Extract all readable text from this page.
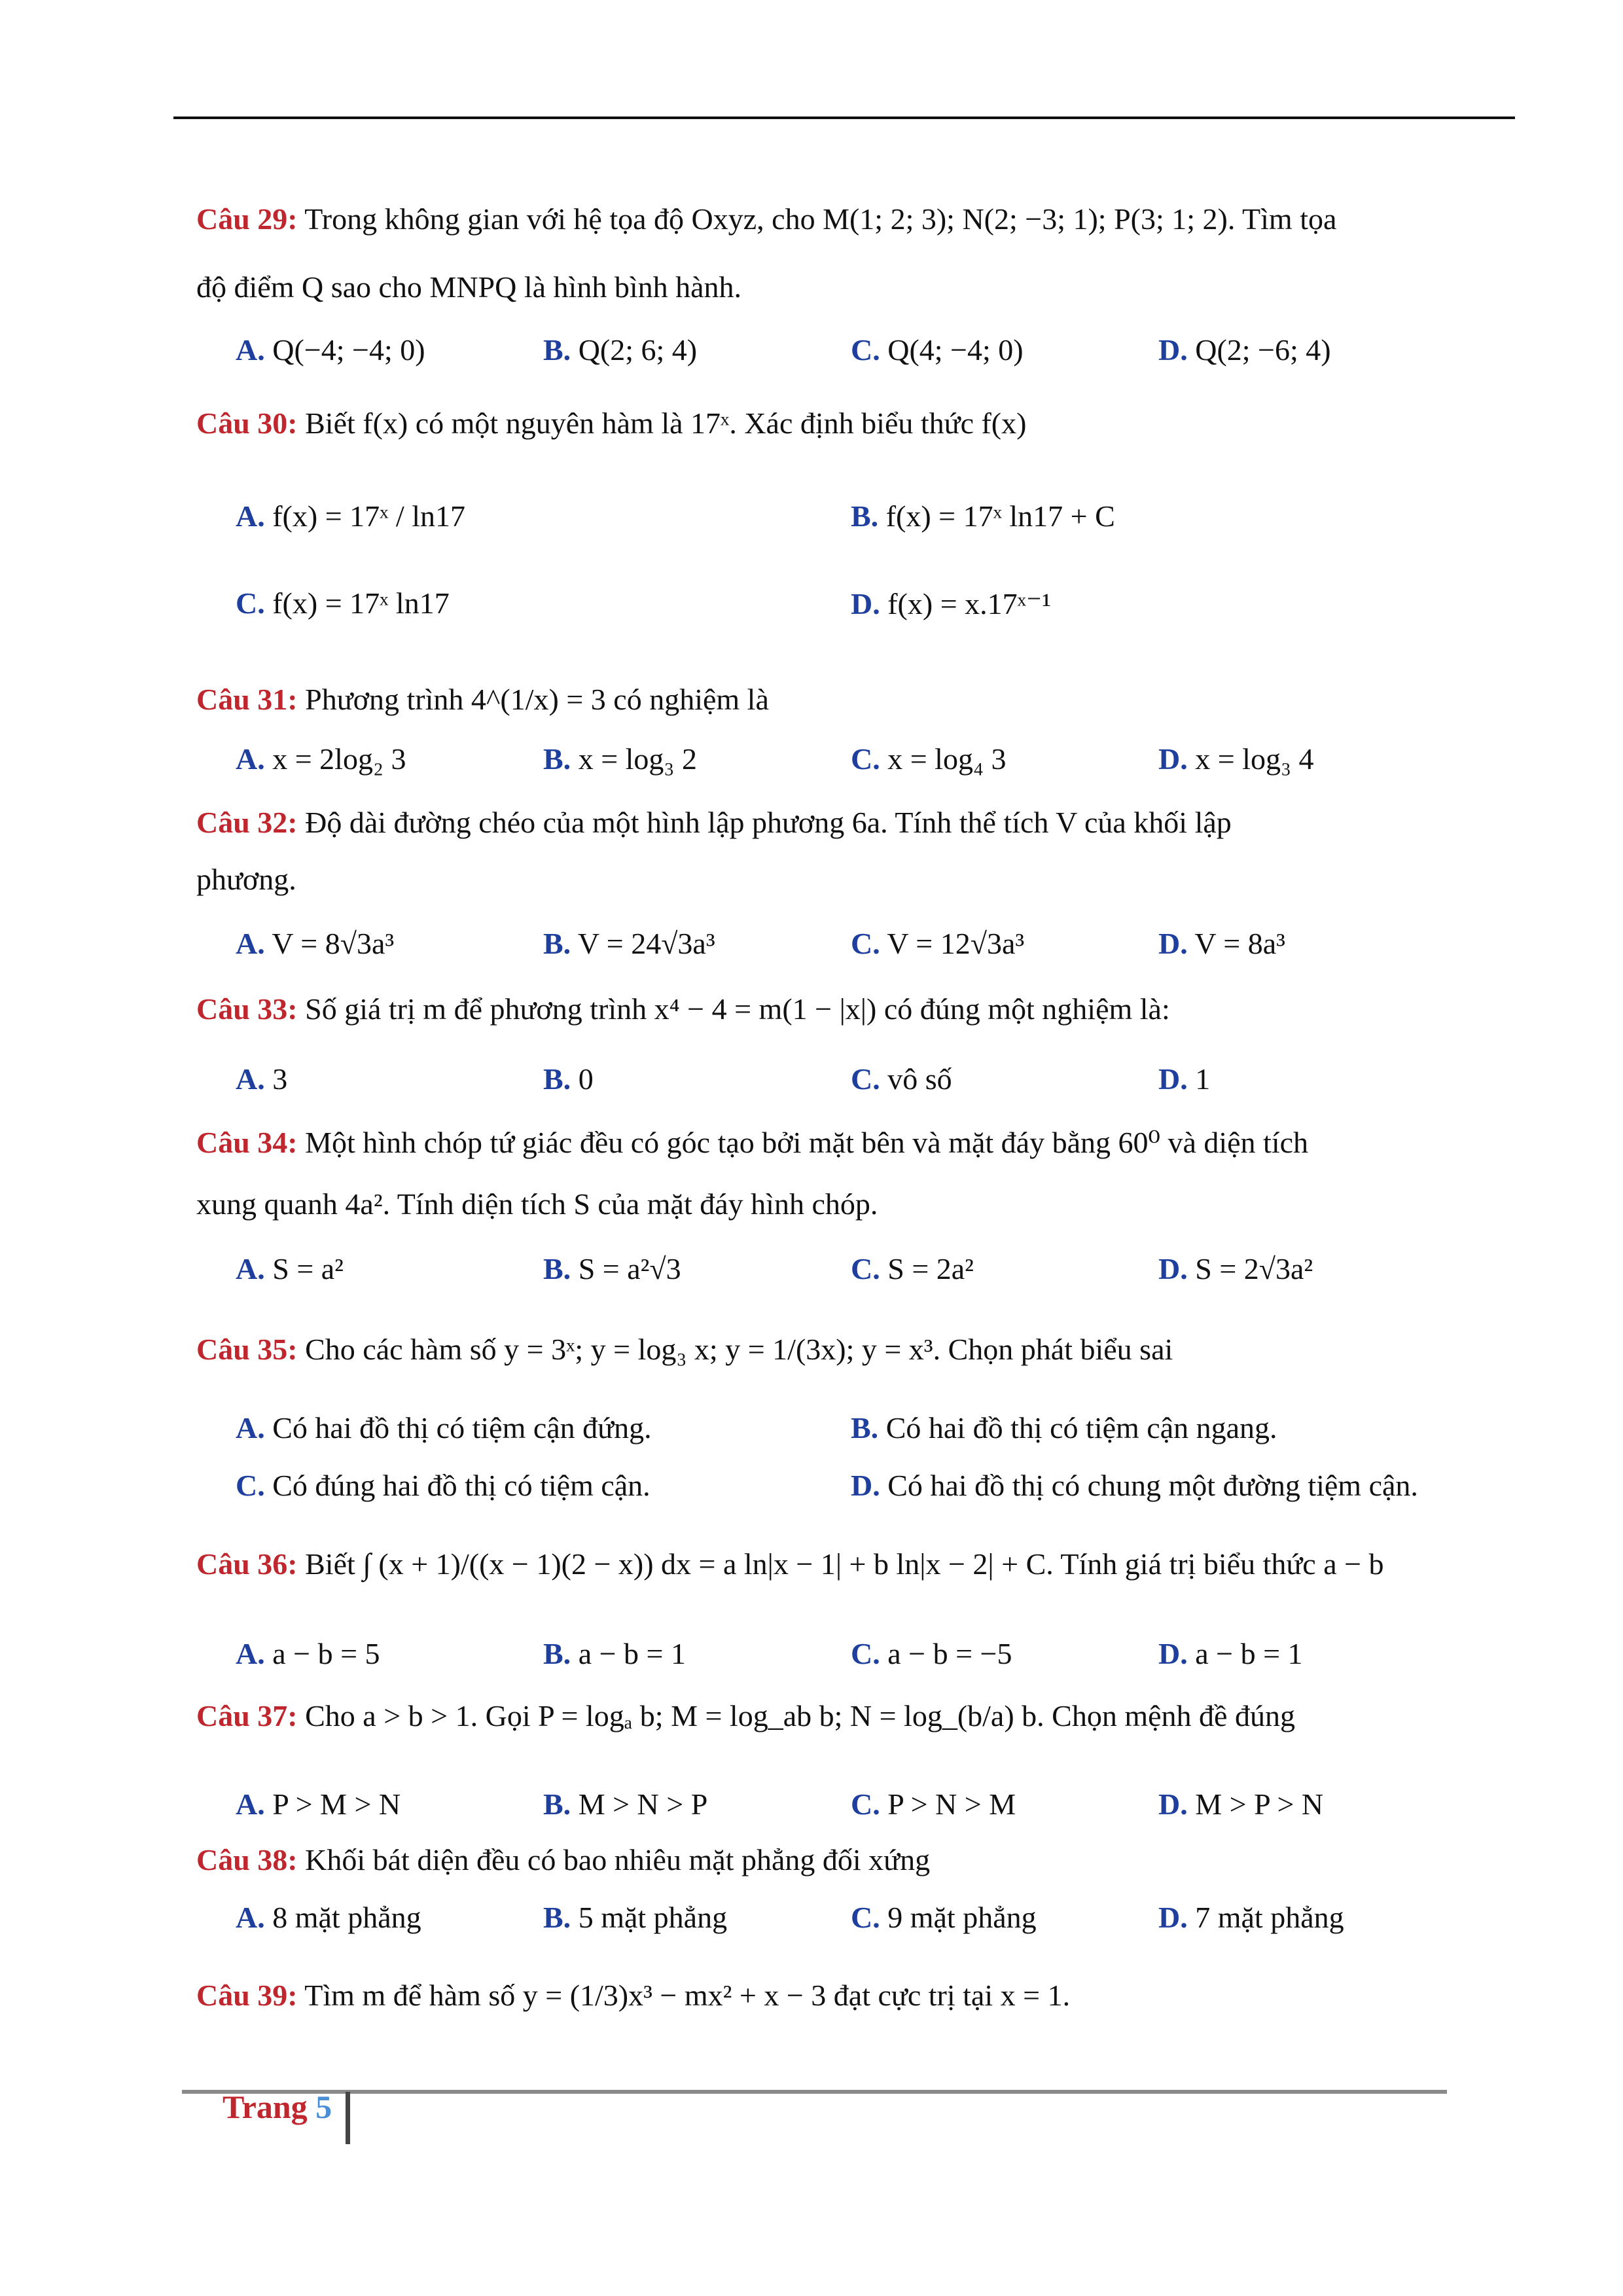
Câu 29: Trong không gian với hệ tọa độ Oxyz, cho M(1; 2; 3); N(2; −3; 1); P(3; 1; 2). Tìm tọa
độ điểm Q sao cho MNPQ là hình bình hành.
A. Q(−4; −4; 0)	B. Q(2; 6; 4)	C. Q(4; −4; 0)	D. Q(2; −6; 4)
Câu 30: Biết f(x) có một nguyên hàm là 17ˣ. Xác định biểu thức f(x)
A. f(x) = 17ˣ / ln17	B. f(x) = 17ˣ ln17 + C
C. f(x) = 17ˣ ln17	D. f(x) = x.17ˣ⁻¹
Câu 31: Phương trình 4^(1/x) = 3 có nghiệm là
A. x = 2log₂ 3	B. x = log₃ 2	C. x = log₄ 3	D. x = log₃ 4
Câu 32: Độ dài đường chéo của một hình lập phương 6a. Tính thể tích V của khối lập
phương.
A. V = 8√3a³	B. V = 24√3a³	C. V = 12√3a³	D. V = 8a³
Câu 33: Số giá trị m để phương trình x⁴ − 4 = m(1 − |x|) có đúng một nghiệm là:
A. 3	B. 0	C. vô số	D. 1
Câu 34: Một hình chóp tứ giác đều có góc tạo bởi mặt bên và mặt đáy bằng 60⁰ và diện tích
xung quanh 4a². Tính diện tích S của mặt đáy hình chóp.
A. S = a²	B. S = a²√3	C. S = 2a²	D. S = 2√3a²
Câu 35: Cho các hàm số y = 3ˣ; y = log₃ x; y = 1/(3x); y = x³. Chọn phát biểu sai
A. Có hai đồ thị có tiệm cận đứng.	B. Có hai đồ thị có tiệm cận ngang.
C. Có đúng hai đồ thị có tiệm cận.	D. Có hai đồ thị có chung một đường tiệm cận.
Câu 36: Biết ∫ (x + 1)/((x − 1)(2 − x)) dx = a ln|x − 1| + b ln|x − 2| + C. Tính giá trị biểu thức a − b
A. a − b = 5	B. a − b = 1	C. a − b = −5	D. a − b = 1
Câu 37: Cho a > b > 1. Gọi P = logₐ b; M = log_ab b; N = log_(b/a) b. Chọn mệnh đề đúng
A. P > M > N	B. M > N > P	C. P > N > M	D. M > P > N
Câu 38: Khối bát diện đều có bao nhiêu mặt phẳng đối xứng
A. 8 mặt phẳng	B. 5 mặt phẳng	C. 9 mặt phẳng	D. 7 mặt phẳng
Câu 39: Tìm m để hàm số y = (1/3)x³ − mx² + x − 3 đạt cực trị tại x = 1.
Trang 5
